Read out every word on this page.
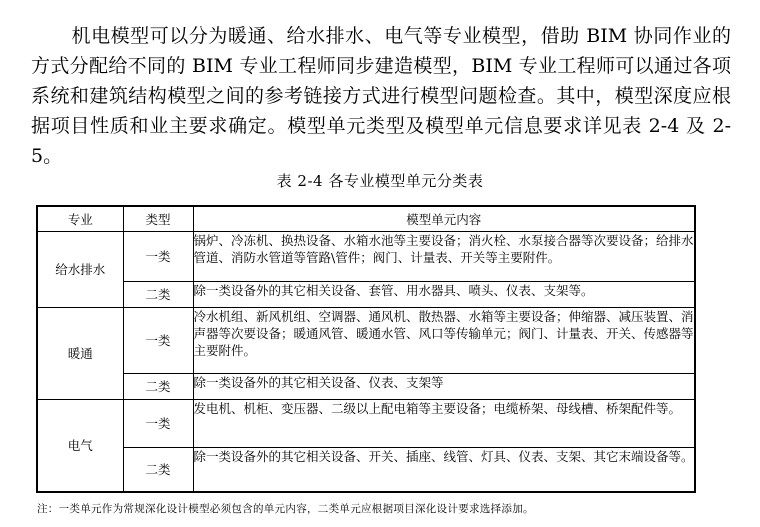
机电模型可以分为暖通、给水排水、电气等专业模型，借助 BIM 协同作业的方式分配给不同的 BIM 专业工程师同步建造模型，BIM 专业工程师可以通过各项系统和建筑结构模型之间的参考链接方式进行模型问题检查。其中，模型深度应根据项目性质和业主要求确定。模型单元类型及模型单元信息要求详见表 2-4 及 2-5。

表 2-4 各专业模型单元分类表
专业	类型	模型单元内容
给水排水	一类	锅炉、冷冻机、换热设备、水箱水池等主要设备；消火栓、水泵接合器等次要设备；给排水管道、消防水管道等管路\管件；阀门、计量表、开关等主要附件。
	二类	除一类设备外的其它相关设备、套管、用水器具、喷头、仪表、支架等。
暖通	一类	冷水机组、新风机组、空调器、通风机、散热器、水箱等主要设备；伸缩器、减压装置、消声器等次要设备；暖通风管、暖通水管、风口等传输单元；阀门、计量表、开关、传感器等主要附件。
	二类	除一类设备外的其它相关设备、仪表、支架等
电气	一类	发电机、机柜、变压器、二级以上配电箱等主要设备；电缆桥架、母线槽、桥架配件等。
	二类	除一类设备外的其它相关设备、开关、插座、线管、灯具、仪表、支架、其它末端设备等。
注：一类单元作为常规深化设计模型必须包含的单元内容，二类单元应根据项目深化设计要求选择添加。
